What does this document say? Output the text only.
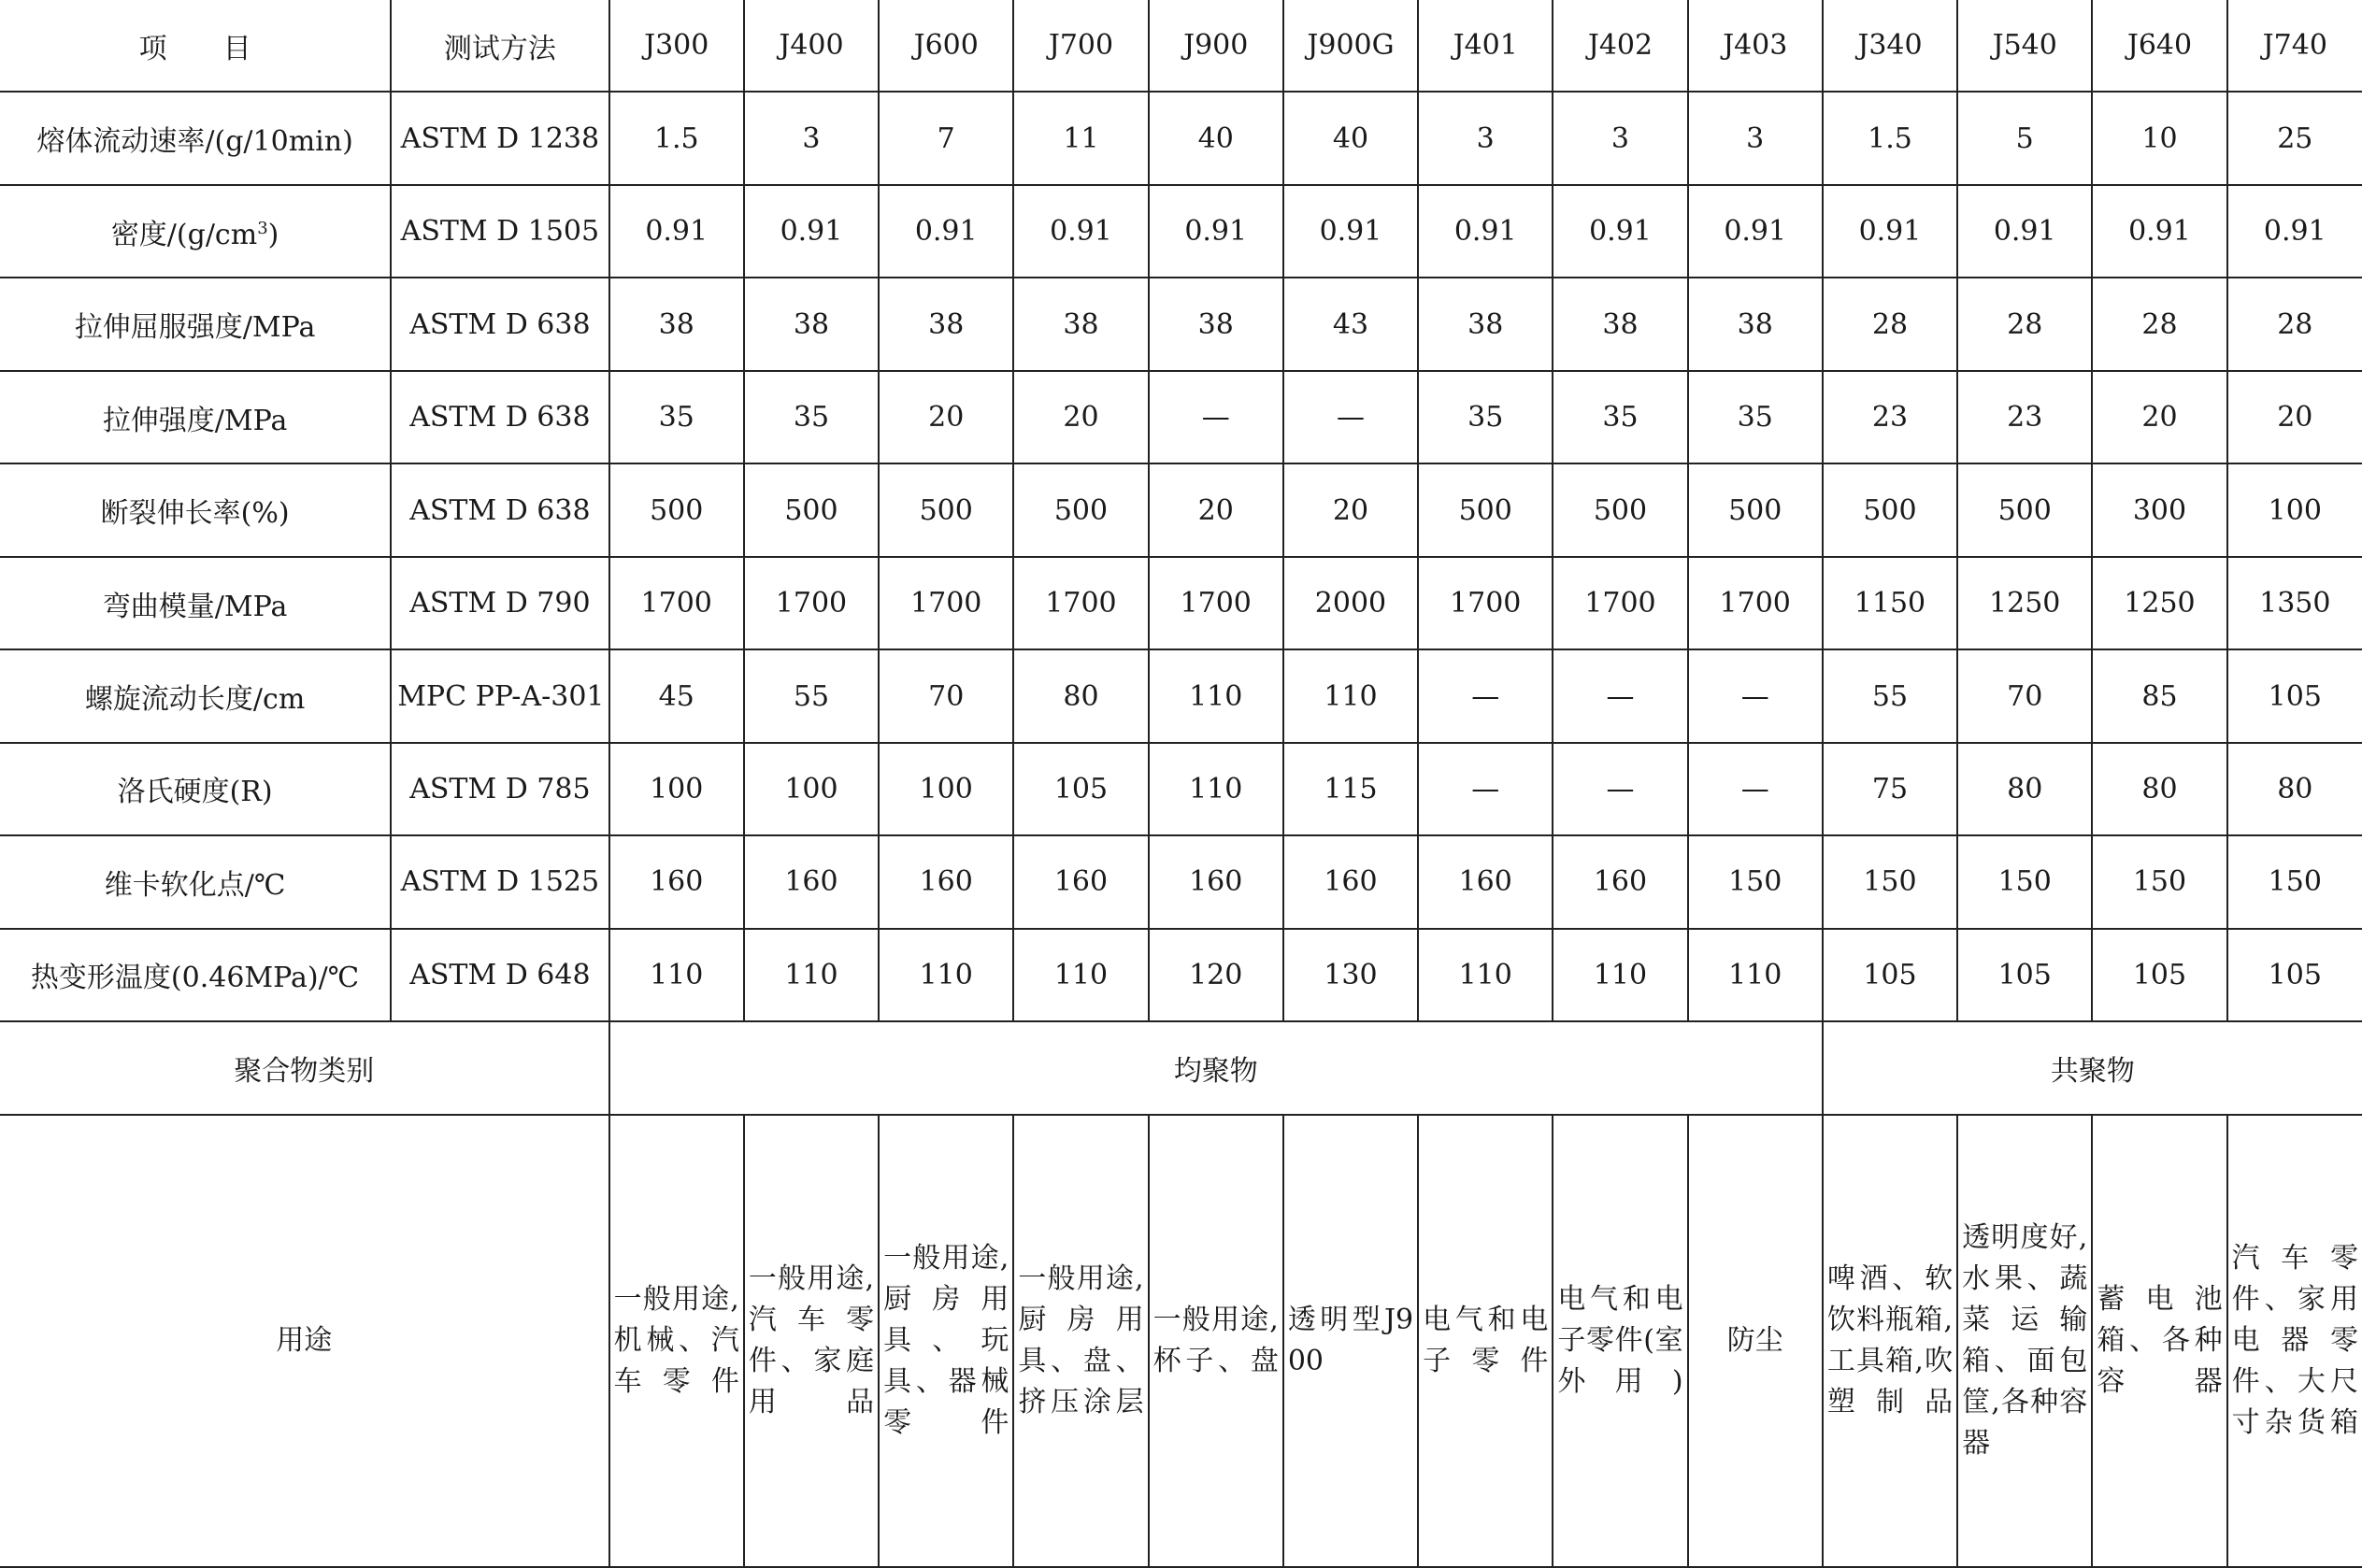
项　　目	测试方法	J300	J400	J600	J700	J900	J900G	J401	J402	J403	J340	J540	J640	J740
熔体流动速率/(g/10min)	ASTM D 1238	1.5	3	7	11	40	40	3	3	3	1.5	5	10	25
密度$/(g/cm^3)$	ASTM D 1505	0.91	0.91	0.91	0.91	0.91	0.91	0.91	0.91	0.91	0.91	0.91	0.91	0.91
拉伸屈服强度/MPa	ASTM D 638	38	38	38	38	38	43	38	38	38	28	28	28	28
拉伸强度/MPa	ASTM D 638	35	35	20	20	—	—	35	35	35	23	23	20	20
断裂伸长率(%)	ASTM D 638	500	500	500	500	20	20	500	500	500	500	500	300	100
弯曲模量/MPa	ASTM D 790	1700	1700	1700	1700	1700	2000	1700	1700	1700	1150	1250	1250	1350
螺旋流动长度/cm	MPC PP-A-301	45	55	70	80	110	110	—	—	—	55	70	85	105
洛氏硬度(R)	ASTM D 785	100	100	100	105	110	115	—	—	—	75	80	80	80
维卡软化点/℃	ASTM D 1525	160	160	160	160	160	160	160	160	150	150	150	150	150
热变形温度(0.46MPa)/℃	ASTM D 648	110	110	110	110	120	130	110	110	110	105	105	105	105
聚合物类别		均聚物									共聚物			
用途		一般用途,机械、汽车零件	一般用途,汽车零件、家庭用品	一般用途,厨房用具、玩具、器械零件	一般用途,厨房用具、盘、挤压涂层	一般用途,杯子、盘	透明型J900	电气和电子零件	电气和电子零件(室外用)	防尘	啤酒、软饮料瓶箱,工具箱,吹塑制品	透明度好,水果、蔬菜运输箱、面包筐,各种容器	蓄电池箱、各种容器	汽车零件、家用电器零件、大尺寸杂货箱
